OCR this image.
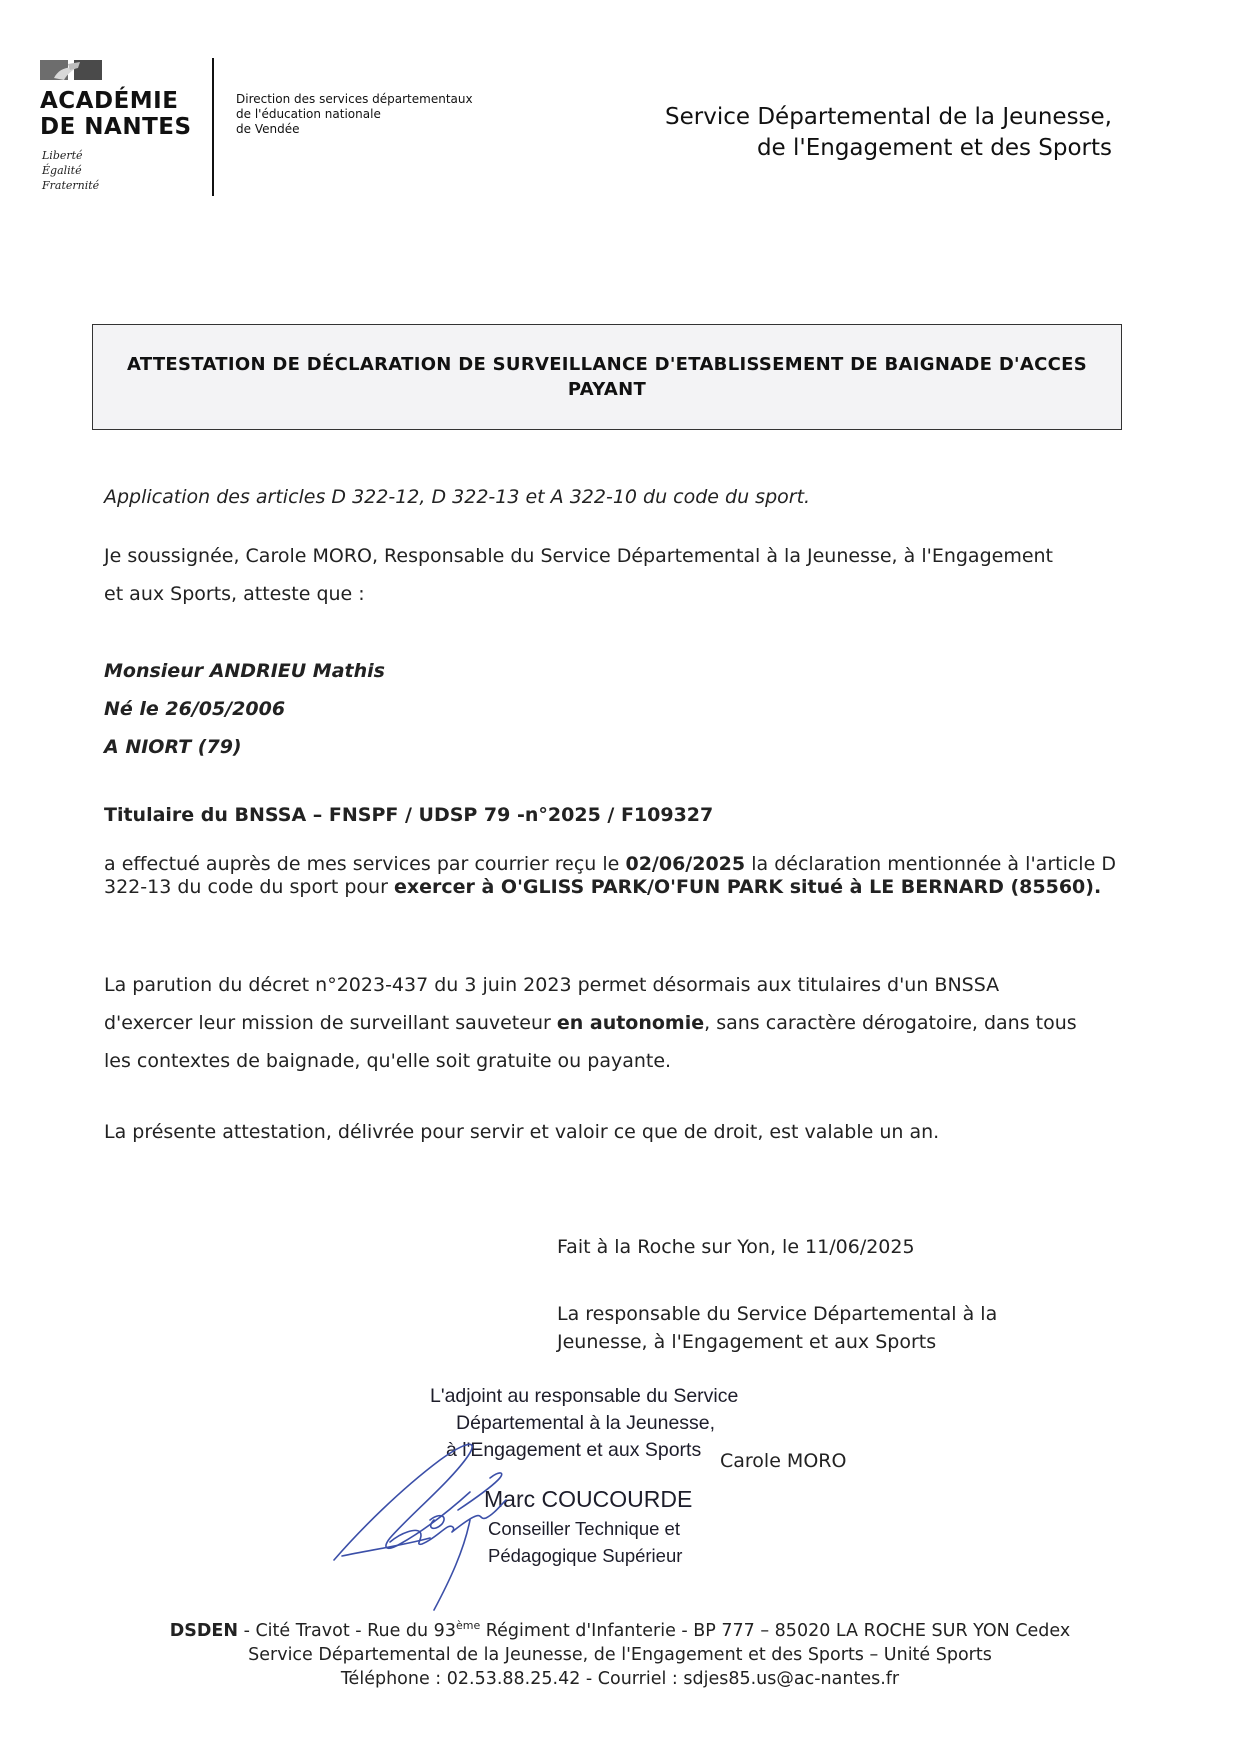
ACADÉMIE
DE NANTES
Liberté
Égalité
Fraternité
Direction des services départementaux
de l'éducation nationale
de Vendée	Service Départemental de la Jeunesse,
de l'Engagement et des Sports
ATTESTATION DE DÉCLARATION DE SURVEILLANCE D'ETABLISSEMENT DE BAIGNADE D'ACCES
PAYANT
Application des articles D 322-12, D 322-13 et A 322-10 du code du sport.
Je soussignée, Carole MORO, Responsable du Service Départemental à la Jeunesse, à l'Engagement
et aux Sports, atteste que :
Monsieur ANDRIEU Mathis
Né le 26/05/2006
A NIORT (79)
Titulaire du BNSSA – FNSPF / UDSP 79 -n°2025 / F109327
a effectué auprès de mes services par courrier reçu le 02/06/2025 la déclaration mentionnée à l'article D 322-13 du code du sport pour exercer à O'GLISS PARK/O'FUN PARK situé à LE BERNARD (85560).
La parution du décret n°2023-437 du 3 juin 2023 permet désormais aux titulaires d'un BNSSA
d'exercer leur mission de surveillant sauveteur en autonomie, sans caractère dérogatoire, dans tous
les contextes de baignade, qu'elle soit gratuite ou payante.
La présente attestation, délivrée pour servir et valoir ce que de droit, est valable un an.
Fait à la Roche sur Yon, le 11/06/2025
La responsable du Service Départemental à la
Jeunesse, à l'Engagement et aux Sports
L'adjoint au responsable du Service
Départemental à la Jeunesse,
à l'Engagement et aux Sports Carole MORO
Marc COUCOURDE
Conseiller Technique et
Pédagogique Supérieur
DSDEN - Cité Travot - Rue du 93ème Régiment d'Infanterie - BP 777 – 85020 LA ROCHE SUR YON Cedex
Service Départemental de la Jeunesse, de l'Engagement et des Sports – Unité Sports
Téléphone : 02.53.88.25.42 - Courriel : sdjes85.us@ac-nantes.fr
